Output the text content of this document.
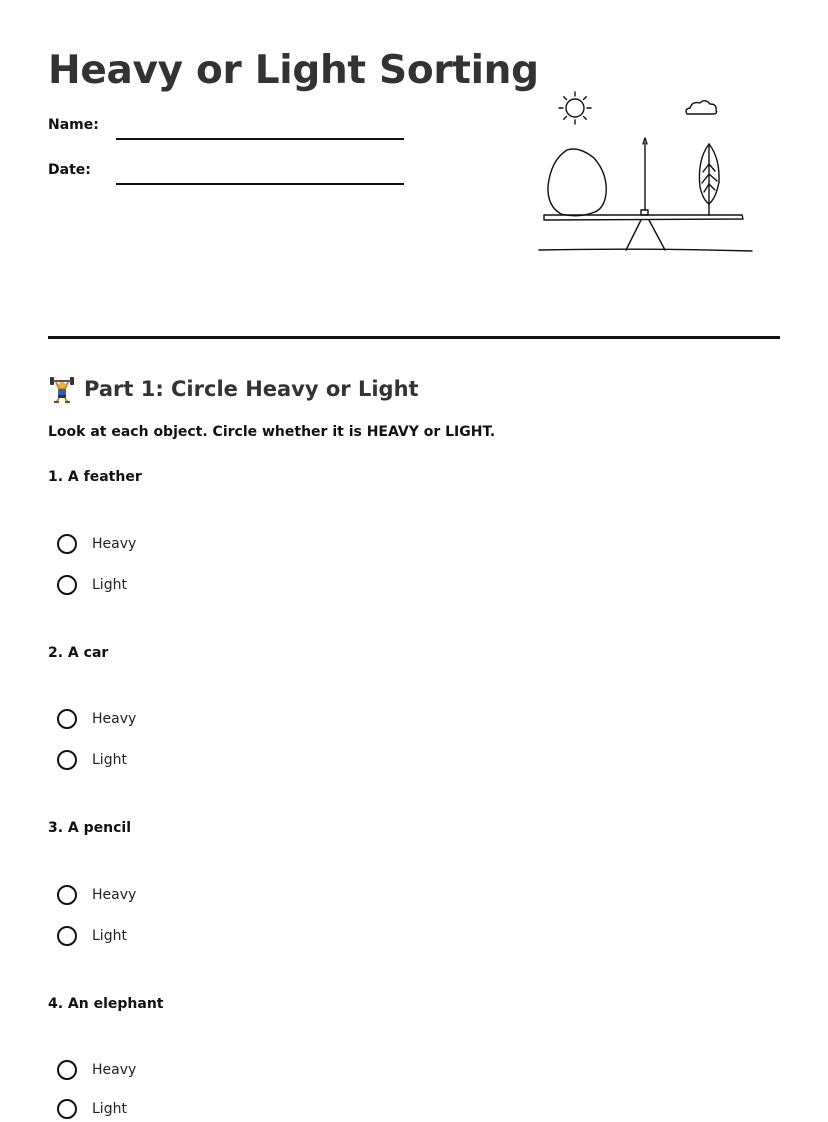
Heavy or Light Sorting
Name:
Date:
Part 1: Circle Heavy or Light
Look at each object. Circle whether it is HEAVY or LIGHT.
1. A feather
Heavy
Light
2. A car
Heavy
Light
3. A pencil
Heavy
Light
4. An elephant
Heavy
Light
